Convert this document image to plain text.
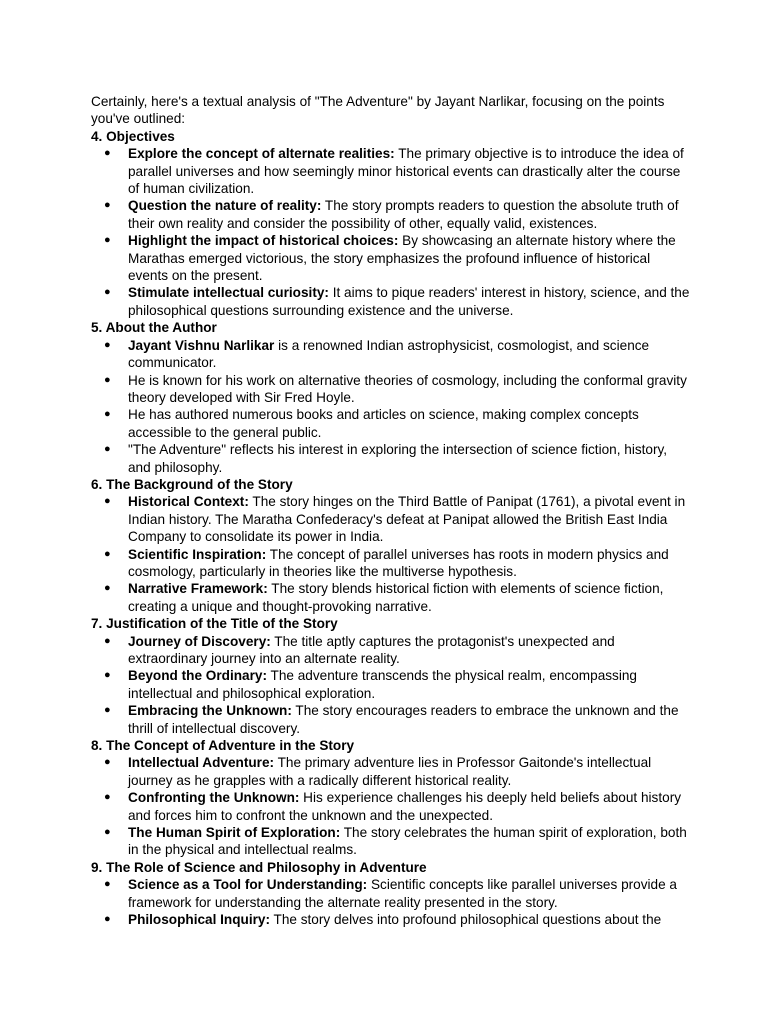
Certainly, here's a textual analysis of "The Adventure" by Jayant Narlikar, focusing on the points you've outlined:

4. Objectives

● Explore the concept of alternate realities: The primary objective is to introduce the idea of parallel universes and how seemingly minor historical events can drastically alter the course of human civilization.
● Question the nature of reality: The story prompts readers to question the absolute truth of their own reality and consider the possibility of other, equally valid, existences.
● Highlight the impact of historical choices: By showcasing an alternate history where the Marathas emerged victorious, the story emphasizes the profound influence of historical events on the present.
● Stimulate intellectual curiosity: It aims to pique readers' interest in history, science, and the philosophical questions surrounding existence and the universe.

5. About the Author

● Jayant Vishnu Narlikar is a renowned Indian astrophysicist, cosmologist, and science communicator.
● He is known for his work on alternative theories of cosmology, including the conformal gravity theory developed with Sir Fred Hoyle.
● He has authored numerous books and articles on science, making complex concepts accessible to the general public.
● "The Adventure" reflects his interest in exploring the intersection of science fiction, history, and philosophy.

6. The Background of the Story

● Historical Context: The story hinges on the Third Battle of Panipat (1761), a pivotal event in Indian history. The Maratha Confederacy's defeat at Panipat allowed the British East India Company to consolidate its power in India.
● Scientific Inspiration: The concept of parallel universes has roots in modern physics and cosmology, particularly in theories like the multiverse hypothesis.
● Narrative Framework: The story blends historical fiction with elements of science fiction, creating a unique and thought-provoking narrative.

7. Justification of the Title of the Story

● Journey of Discovery: The title aptly captures the protagonist's unexpected and extraordinary journey into an alternate reality.
● Beyond the Ordinary: The adventure transcends the physical realm, encompassing intellectual and philosophical exploration.
● Embracing the Unknown: The story encourages readers to embrace the unknown and the thrill of intellectual discovery.

8. The Concept of Adventure in the Story

● Intellectual Adventure: The primary adventure lies in Professor Gaitonde's intellectual journey as he grapples with a radically different historical reality.
● Confronting the Unknown: His experience challenges his deeply held beliefs about history and forces him to confront the unknown and the unexpected.
● The Human Spirit of Exploration: The story celebrates the human spirit of exploration, both in the physical and intellectual realms.

9. The Role of Science and Philosophy in Adventure

● Science as a Tool for Understanding: Scientific concepts like parallel universes provide a framework for understanding the alternate reality presented in the story.
● Philosophical Inquiry: The story delves into profound philosophical questions about the
